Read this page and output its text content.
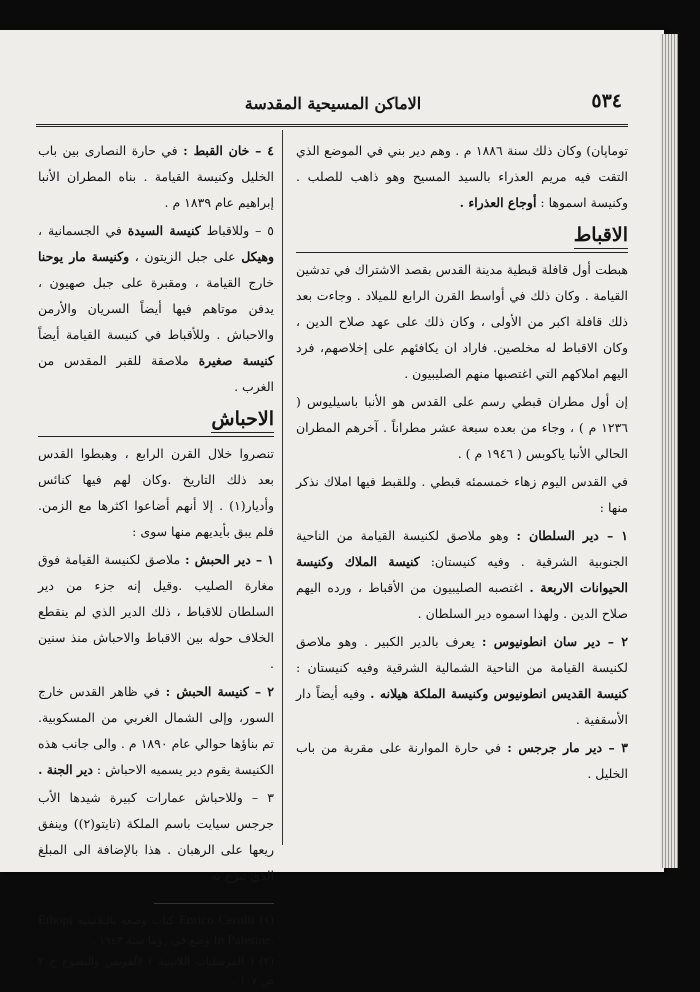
٥٣٤
الاماكن المسيحية المقدسة

توماپان) وكان ذلك سنة ١٨٨٦ م . وهم دير بني في الموضع الذي التقت فيه مريم العذراء بالسيد المسيح وهو ذاهب للصلب . وكنيسة اسموها : أوجاع العذراء .

الاقباط

هبطت أول قافلة قبطية مدينة القدس بقصد الاشتراك في تدشين القيامة . وكان ذلك في أواسط القرن الرابع للميلاد . وجاءت بعد ذلك قافلة اكبر من الأولى ، وكان ذلك على عهد صلاح الدين ، وكان الاقباط له مخلصين. فاراد ان يكافئهم على إخلاصهم، فرد اليهم املاكهم التي اغتصبها منهم الصليبيون .

إن أول مطران قبطي رسم على القدس هو الأنبا باسيليوس ( ١٢٣٦ م ) ، وجاء من بعده سبعة عشر مطراناً . آخرهم المطران الحالي الأنبا ياكوبس ( ١٩٤٦ م ) .

في القدس اليوم زهاء خمسمئه قبطي . وللقبط فيها املاك نذكر منها :

١ – دير السلطان : وهو ملاصق لكنيسة القيامة من الناحية الجنوبية الشرقية . وفيه كنيستان: كنيسة الملاك وكنيسة الحيوانات الاربعة . اغتصبه الصليبيون من الأقباط ، ورده اليهم صلاح الدين . ولهذا اسموه دير السلطان .

٢ – دير سان انطونيوس : يعرف بالدير الكبير . وهو ملاصق لكنيسة القيامة من الناحية الشمالية الشرقية وفيه كنيستان : كنيسة القديس انطونيوس وكنيسة الملكة هيلانه . وفيه أيضاً دار الأسقفية .

٣ – دير مار جرجس : في حارة الموارنة على مقربة من باب الخليل .

٤ – خان القبط : في حارة النصارى بين باب الخليل وكنيسة القيامة . بناه المطران الأنبا إبراهيم عام ١٨٣٩ م .

٥ – وللاقباط كنيسة السيدة في الجسمانية ، وهيكل على جبل الزيتون ، وكنيسة مار يوحنا خارج القيامة ، ومقبرة على جبل صهيون ، يدفن موتاهم فيها أيضاً السريان والأرمن والاحباش . وللأقباط في كنيسة القيامة أيضاً كنيسة صغيرة ملاصقة للقبر المقدس من الغرب .

الاحباش

تنصروا خلال القرن الرابع ، وهبطوا القدس بعد ذلك التاريخ .وكان لهم فيها كنائس وأديار(١) . إلا أنهم أضاعوا اكثرها مع الزمن. فلم يبق بأيديهم منها سوى :

١ – دير الحبش : ملاصق لكنيسة القيامة فوق مغارة الصليب .وقيل إنه جزء من دير السلطان للاقباط ، ذلك الدير الذي لم ينقطع الخلاف حوله بين الاقباط والاحباش منذ سنين .

٢ – كنيسة الحبش : في ظاهر القدس خارج السور، وإلى الشمال الغربي من المسكوبية. تم بناؤها حوالي عام ١٨٩٠ م . والى جانب هذه الكنيسة يقوم دير يسميه الاحباش : دير الجنة .

٣ – وللاحباش عمارات كبيرة شيدها الأب جرجس سيايت باسم الملكة (تايتو(٢)) وينفق ريعها على الرهبان . هذا بالإضافة الى المبلغ الذي تبرع به

(١) Enrico Cerulli كتاب وضعه بالـلاتينية Ethopi In Palesine. وضع في روما سنة ١٩٤٣ .

(٢) ( المرسليات اللاتينية ) لألفونس والنصوح ج ٢ ص ١٠٧ .
